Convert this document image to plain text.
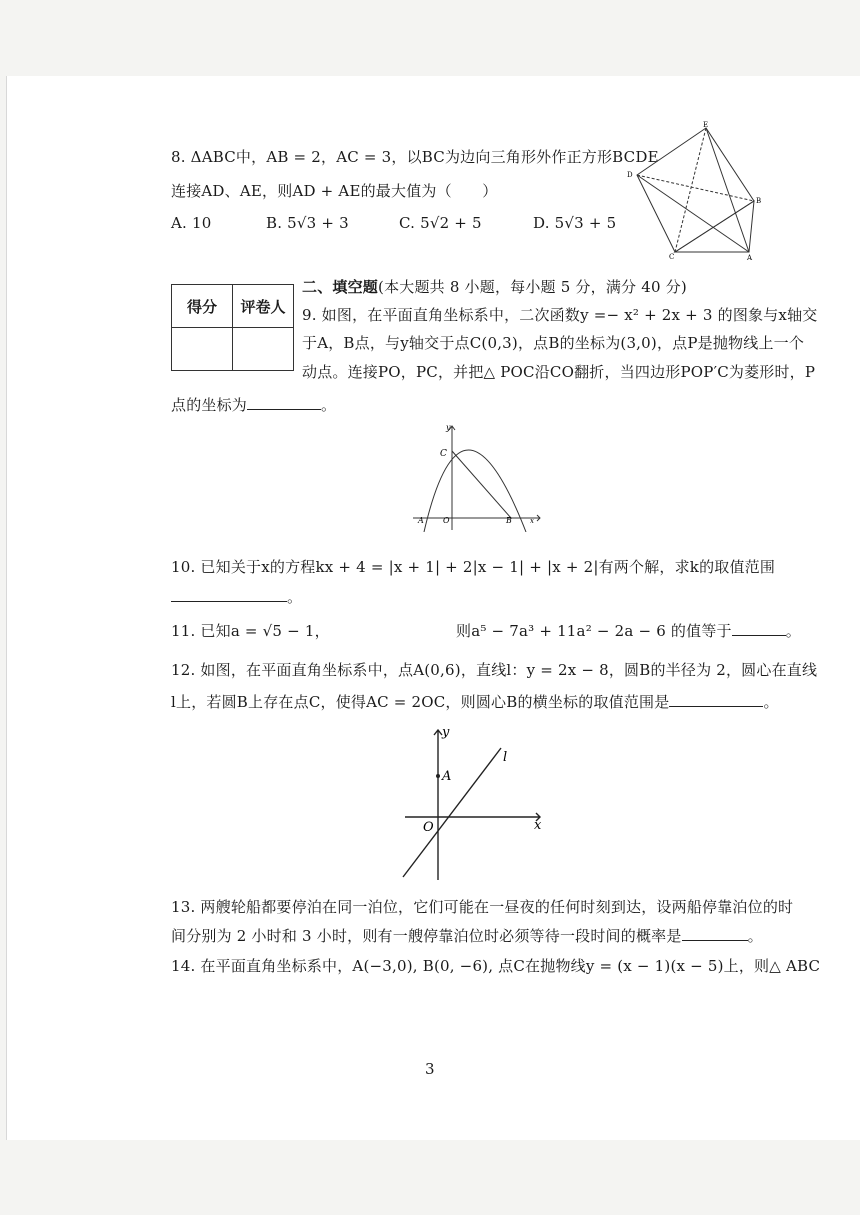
8. ΔABC中，AB = 2，AC = 3，以BC为边向三角形外作正方形BCDE
连接AD、AE，则AD + AE的最大值为（　　）
A. 10	B. 5√3 + 3	C. 5√2 + 5	D. 5√3 + 5
E
D
B
C	A
得分	评卷人

二、填空题(本大题共 8 小题，每小题 5 分，满分 40 分)
9. 如图，在平面直角坐标系中，二次函数y =− x² + 2x + 3 的图象与x轴交
于A，B点，与y轴交于点C(0,3)，点B的坐标为(3,0)，点P是抛物线上一个
动点。连接PO，PC，并把△ POC沿CO翻折，当四边形POP′C为菱形时，P
点的坐标为	。
y
C
A O	B	x
10. 已知关于x的方程kx + 4 = |x + 1| + 2|x − 1| + |x + 2|有两个解，求k的取值范围
。
11. 已知a = √5 − 1，	则a⁵ − 7a³ + 11a² − 2a − 6 的值等于	。
12. 如图，在平面直角坐标系中，点A(0,6)，直线l：y = 2x − 8，圆B的半径为 2，圆心在直线
l上，若圆B上存在点C，使得AC = 2OC，则圆心B的横坐标的取值范围是	。
y
A
O	x
l
13. 两艘轮船都要停泊在同一泊位，它们可能在一昼夜的任何时刻到达，设两船停靠泊位的时
间分别为 2 小时和 3 小时，则有一艘停靠泊位时必须等待一段时间的概率是	。
14. 在平面直角坐标系中，A(−3,0), B(0, −6), 点C在抛物线y = (x − 1)(x − 5)上，则△ ABC
3
